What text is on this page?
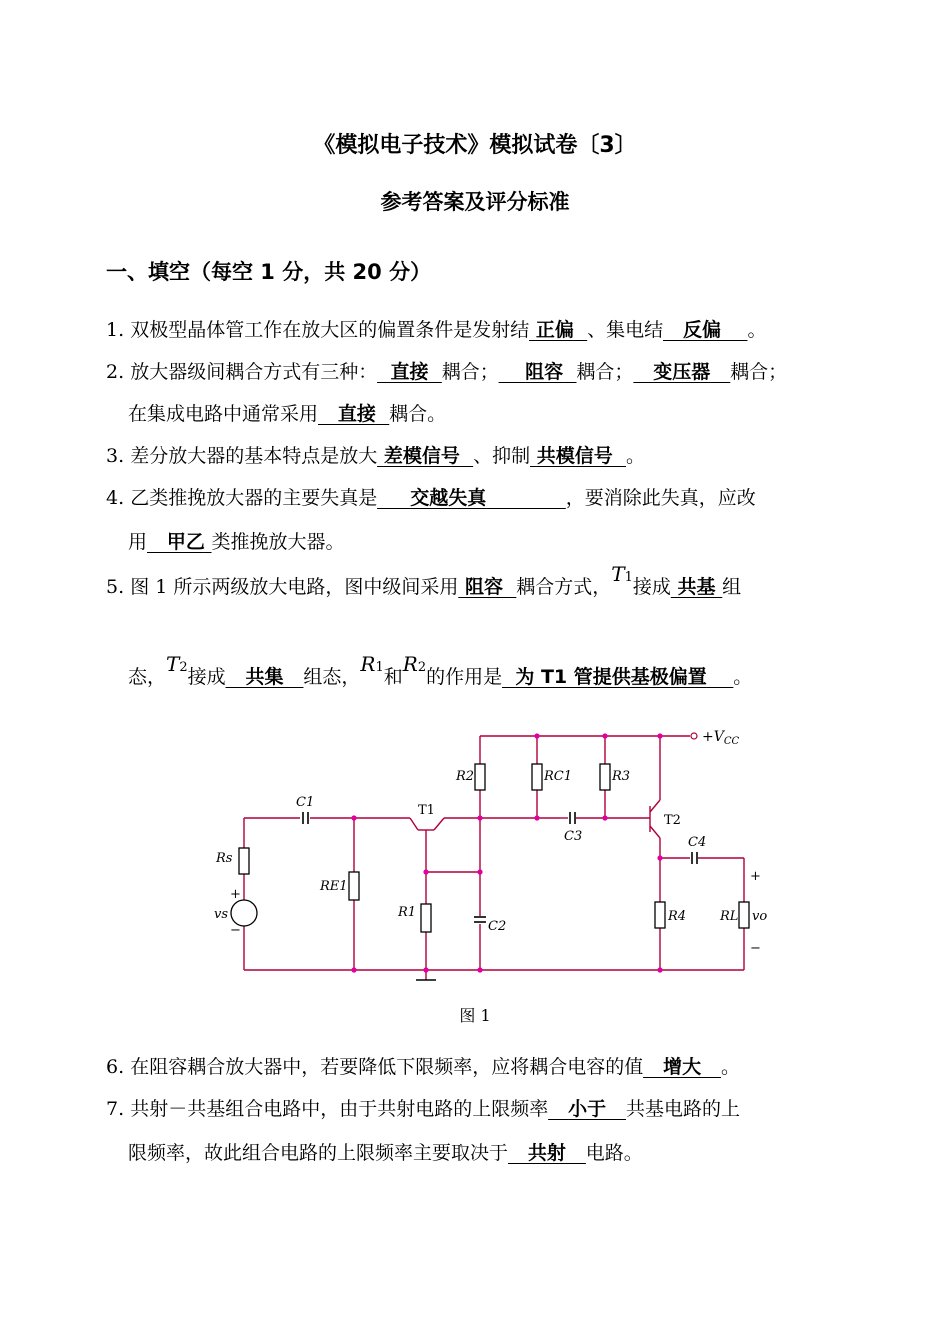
《模拟电子技术》模拟试卷〔3〕
参考答案及评分标准
一、填空（每空 1 分，共 20 分）
1. 双极型晶体管工作在放大区的偏置条件是发射结 正偏 、集电结 反偏 。
2. 放大器级间耦合方式有三种： 直接 耦合； 阻容 耦合； 变压器 耦合；
在集成电路中通常采用 直接 耦合。
3. 差分放大器的基本特点是放大 差模信号 、抑制 共模信号 。
4. 乙类推挽放大器的主要失真是 交越失真	，要消除此失真，应改
用 甲乙 类推挽放大器。
5. 图 1 所示两级放大电路，图中级间采用 阻容 耦合方式，T1接成 共基 组
态，T2接成 共集 组态，R1和R2的作用是 为 T1 管提供基极偏置 。
$+V_{CC}$
C1
C2
C3	C4
Rs
RE1
R1
R2	RC1	R3
R4	RL
T1
T2
vs	vo
+
−
+
−
图 1
6. 在阻容耦合放大器中，若要降低下限频率，应将耦合电容的值 增大 。
7. 共射－共基组合电路中，由于共射电路的上限频率 小于 共基电路的上
限频率，故此组合电路的上限频率主要取决于 共射 电路。
